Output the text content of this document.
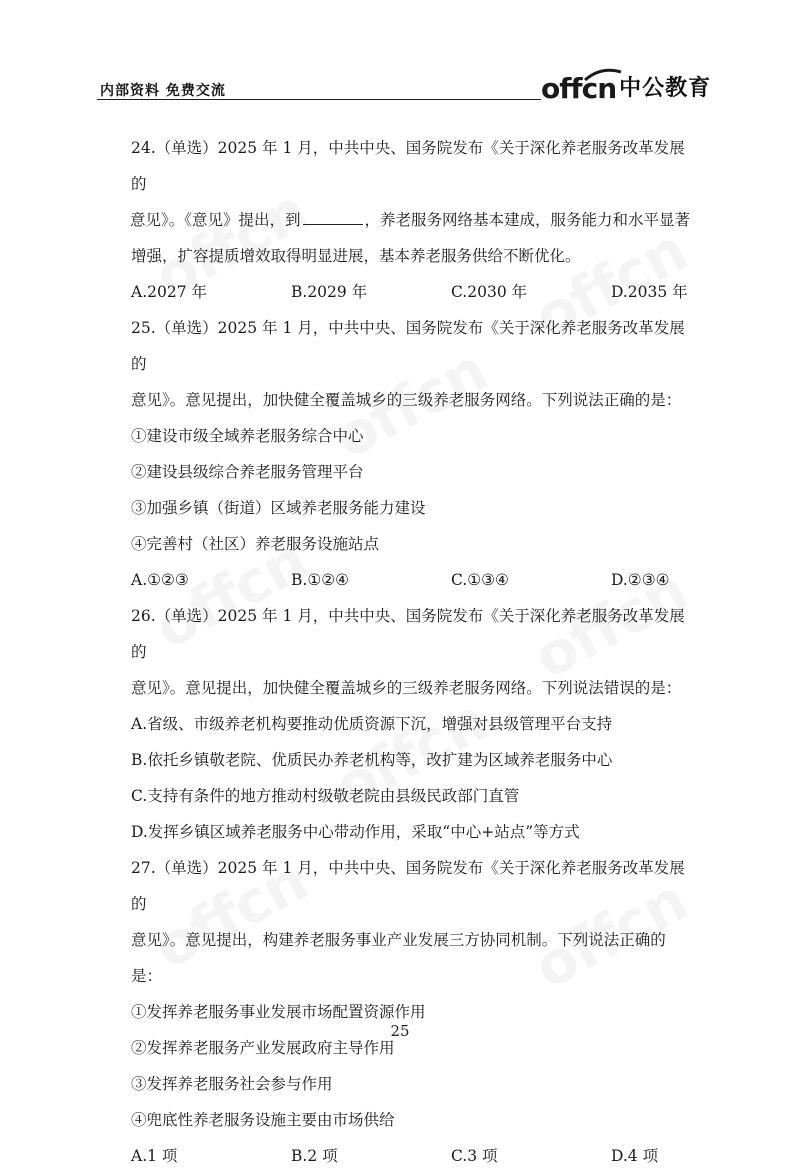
内部资料 免费交流	offcn 中公教育
24.（单选）2025 年 1 月，中共中央、国务院发布《关于深化养老服务改革发展的
意见》。《意见》提出，到	，养老服务网络基本建成，服务能力和水平显著
增强，扩容提质增效取得明显进展，基本养老服务供给不断优化。
A.2027 年	B.2029 年	C.2030 年	D.2035 年
25.（单选）2025 年 1 月，中共中央、国务院发布《关于深化养老服务改革发展的
意见》。意见提出，加快健全覆盖城乡的三级养老服务网络。下列说法正确的是：
①建设市级全域养老服务综合中心
②建设县级综合养老服务管理平台
③加强乡镇（街道）区域养老服务能力建设
④完善村（社区）养老服务设施站点
A.①②③	B.①②④	C.①③④	D.②③④
26.（单选）2025 年 1 月，中共中央、国务院发布《关于深化养老服务改革发展的
意见》。意见提出，加快健全覆盖城乡的三级养老服务网络。下列说法错误的是：
A.省级、市级养老机构要推动优质资源下沉，增强对县级管理平台支持
B.依托乡镇敬老院、优质民办养老机构等，改扩建为区域养老服务中心
C.支持有条件的地方推动村级敬老院由县级民政部门直管
D.发挥乡镇区域养老服务中心带动作用，采取“中心+站点”等方式
27.（单选）2025 年 1 月，中共中央、国务院发布《关于深化养老服务改革发展的
意见》。意见提出，构建养老服务事业产业发展三方协同机制。下列说法正确的是：
①发挥养老服务事业发展市场配置资源作用
②发挥养老服务产业发展政府主导作用
③发挥养老服务社会参与作用
④兜底性养老服务设施主要由市场供给
A.1 项	B.2 项	C.3 项	D.4 项
25
